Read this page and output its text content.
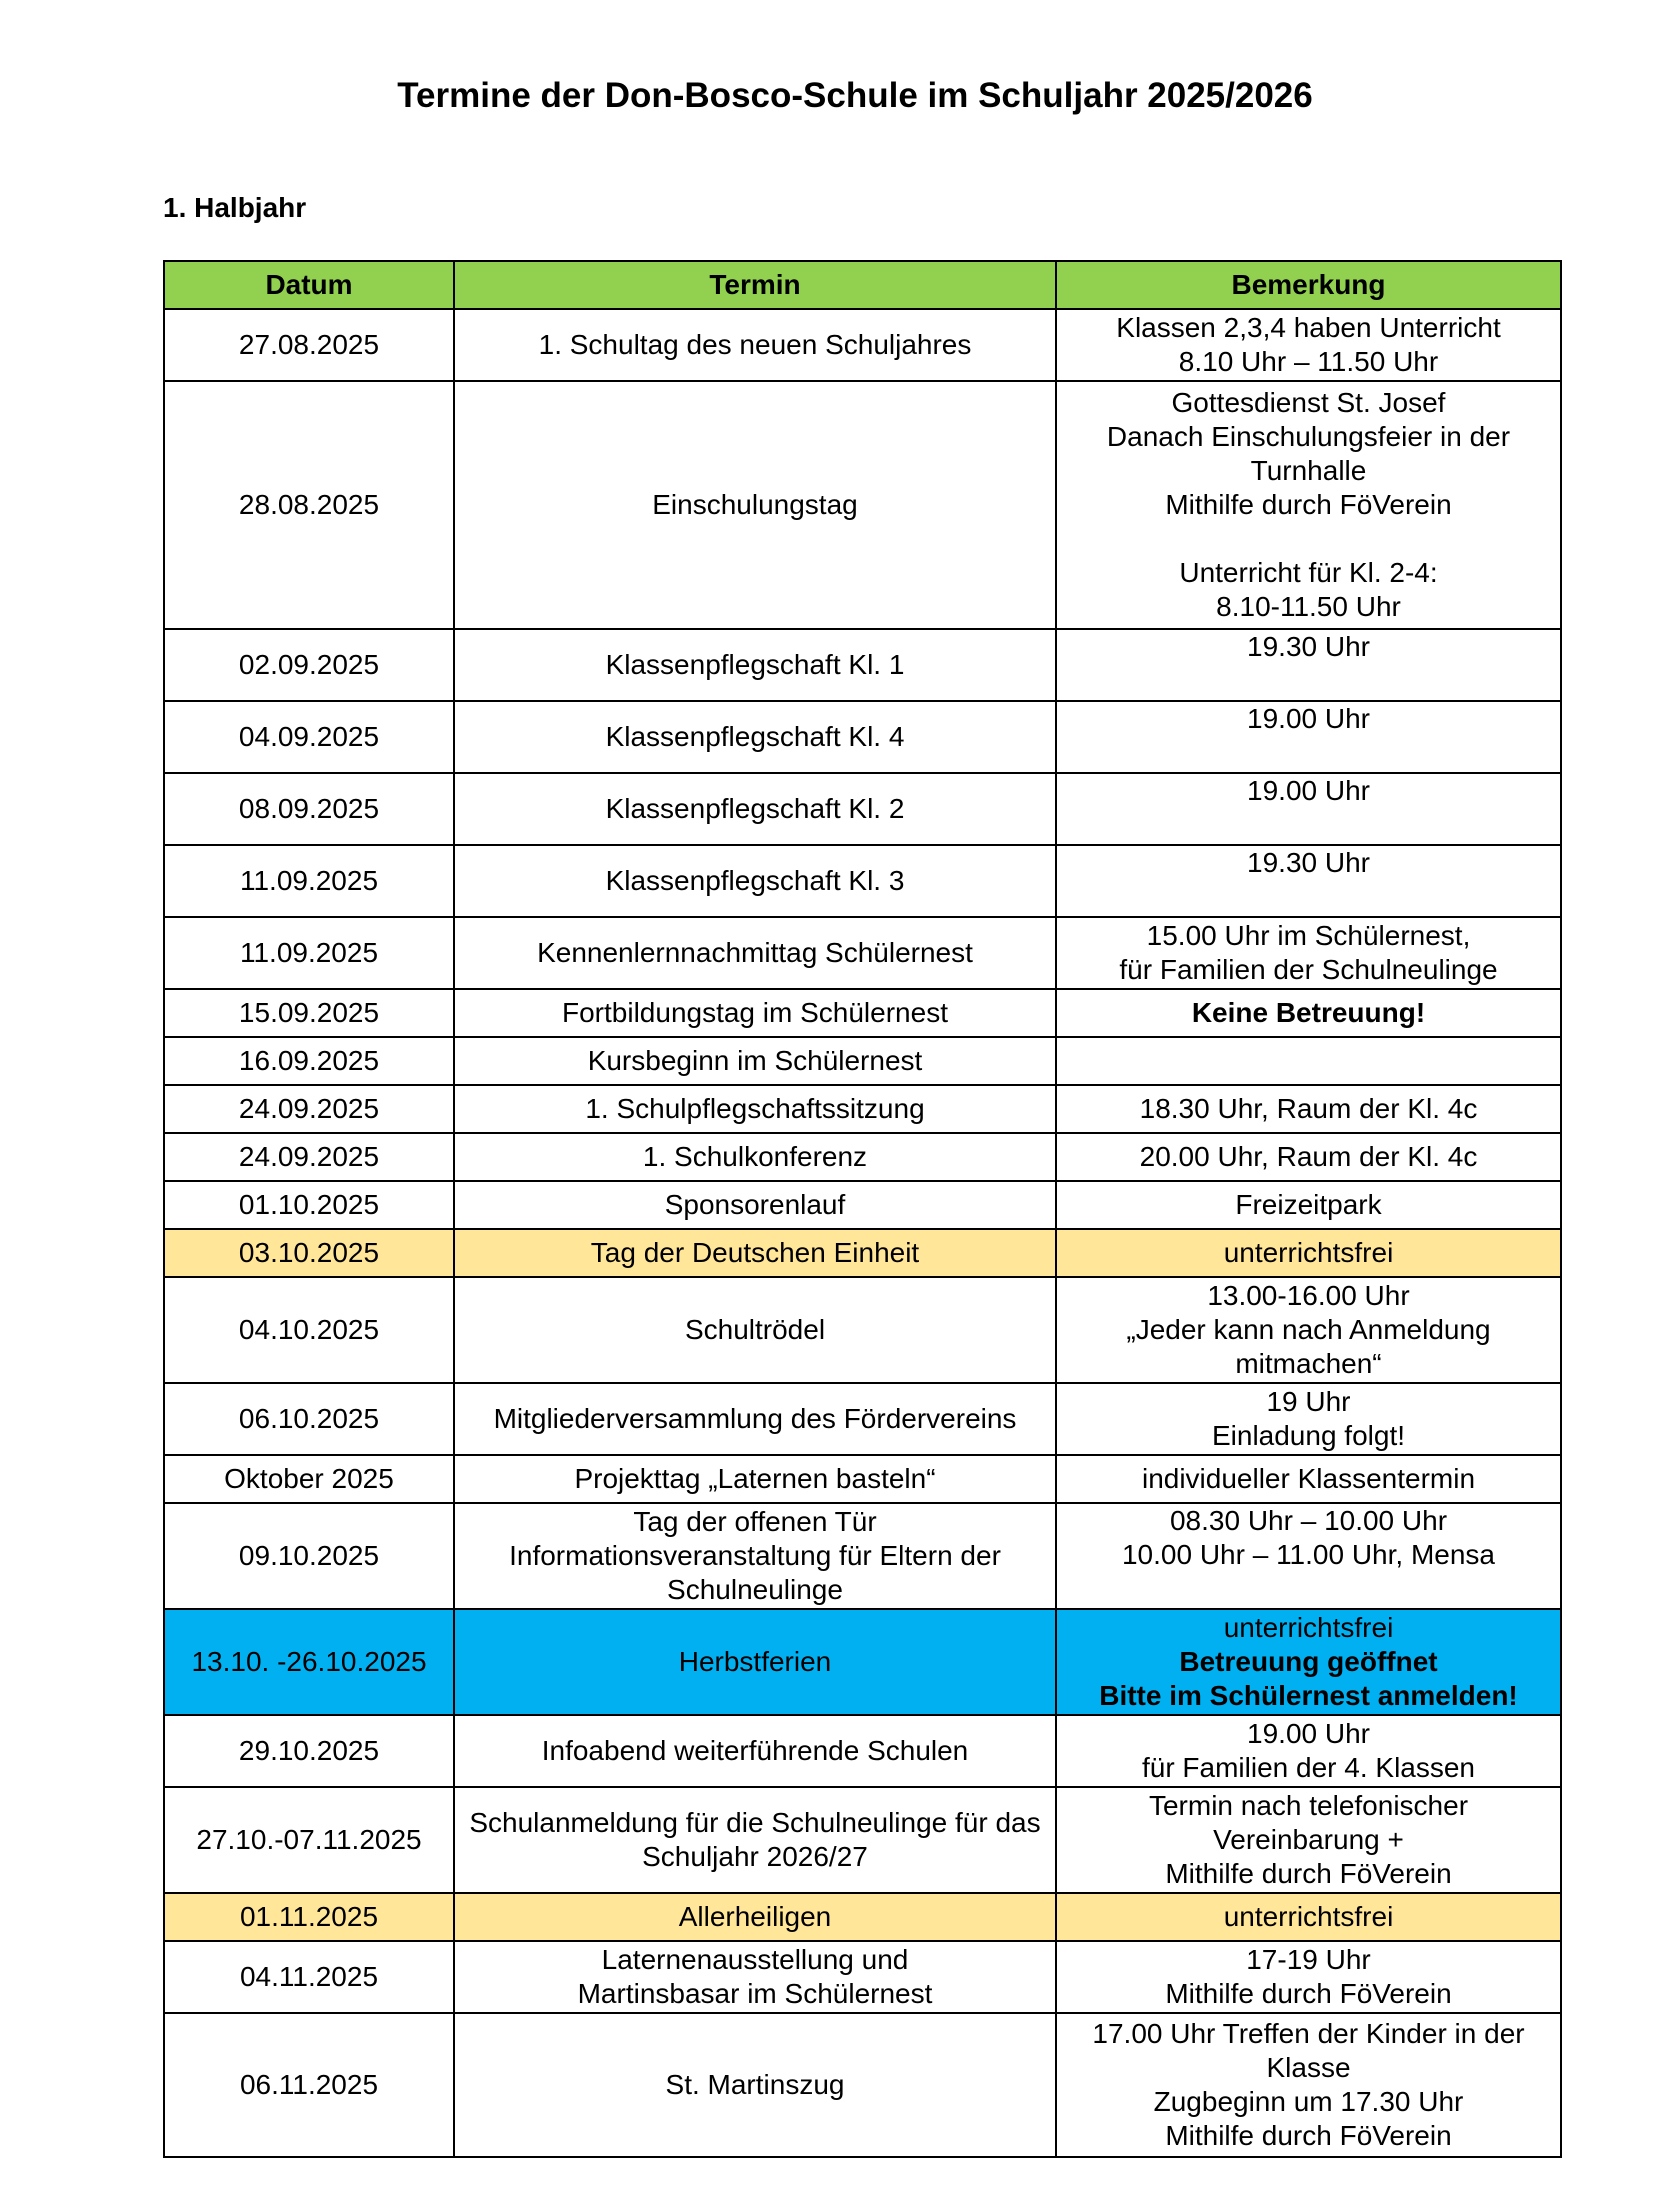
Termine der Don-Bosco-Schule im Schuljahr 2025/2026

1. Halbjahr

Datum	Termin	Bemerkung
27.08.2025	1. Schultag des neuen Schuljahres	Klassen 2,3,4 haben Unterricht
8.10 Uhr – 11.50 Uhr

28.08.2025	Einschulungstag	Gottesdienst St. Josef
Danach Einschulungsfeier in der Turnhalle
Mithilfe durch FöVerein
Unterricht für Kl. 2-4:
8.10-11.50 Uhr

02.09.2025	Klassenpflegschaft Kl. 1	19.30 Uhr

04.09.2025	Klassenpflegschaft Kl. 4	19.00 Uhr

08.09.2025	Klassenpflegschaft Kl. 2	19.00 Uhr

11.09.2025	Klassenpflegschaft Kl. 3	19.30 Uhr

11.09.2025	Kennenlernnachmittag Schülernest	15.00 Uhr im Schülernest,
für Familien der Schulneulinge

15.09.2025	Fortbildungstag im Schülernest	Keine Betreuung!

16.09.2025	Kursbeginn im Schülernest	

24.09.2025	1. Schulpflegschaftssitzung	18.30 Uhr, Raum der Kl. 4c

24.09.2025	1. Schulkonferenz	20.00 Uhr, Raum der Kl. 4c

01.10.2025	Sponsorenlauf	Freizeitpark

03.10.2025	Tag der Deutschen Einheit	unterrichtsfrei

04.10.2025	Schultrödel	13.00-16.00 Uhr
„Jeder kann nach Anmeldung mitmachen“

06.10.2025	Mitgliederversammlung des Fördervereins	19 Uhr
Einladung folgt!

Oktober 2025	Projekttag „Laternen basteln“	individueller Klassentermin

09.10.2025	Tag der offenen Tür
Informationsveranstaltung für Eltern der Schulneulinge	08.30 Uhr – 10.00 Uhr
10.00 Uhr – 11.00 Uhr, Mensa

13.10. -26.10.2025	Herbstferien	unterrichtsfrei
Betreuung geöffnet
Bitte im Schülernest anmelden!

29.10.2025	Infoabend weiterführende Schulen	19.00 Uhr
für Familien der 4. Klassen

27.10.-07.11.2025	Schulanmeldung für die Schulneulinge für das Schuljahr 2026/27	Termin nach telefonischer Vereinbarung +
Mithilfe durch FöVerein

01.11.2025	Allerheiligen	unterrichtsfrei

04.11.2025	Laternenausstellung und
Martinsbasar im Schülernest	17-19 Uhr
Mithilfe durch FöVerein

06.11.2025	St. Martinszug	17.00 Uhr Treffen der Kinder in der Klasse
Zugbeginn um 17.30 Uhr
Mithilfe durch FöVerein
